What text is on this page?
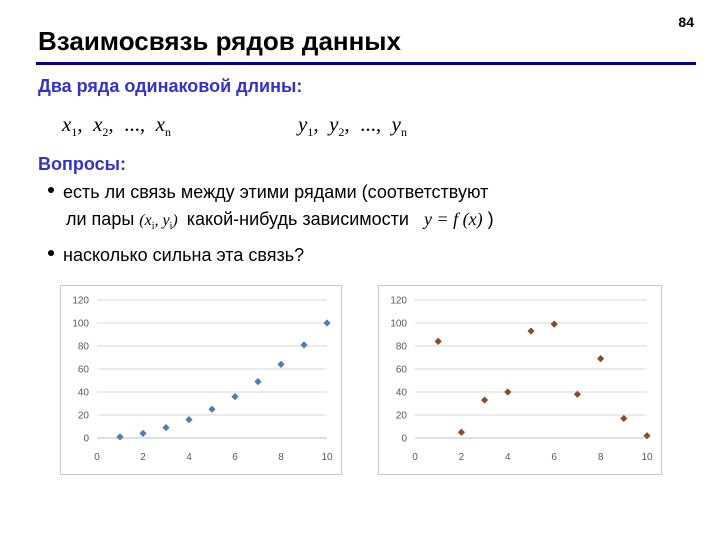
Взаимосвязь рядов данных
84
Два ряда одинаковой длины:
$x_1$, $x_2$, ..., $x_n$	$y_1$, $y_2$, ..., $y_n$
Вопросы:
есть ли связь между этими рядами (соответствуют
ли пары ($x_i$, $y_i$) какой-нибудь зависимости y = f (x) )
насколько сильна эта связь?
0
20
40
60
80
100
120
0	2	4	6	8	10
0
20
40
60
80
100
120
0	2	4	6	8	10
